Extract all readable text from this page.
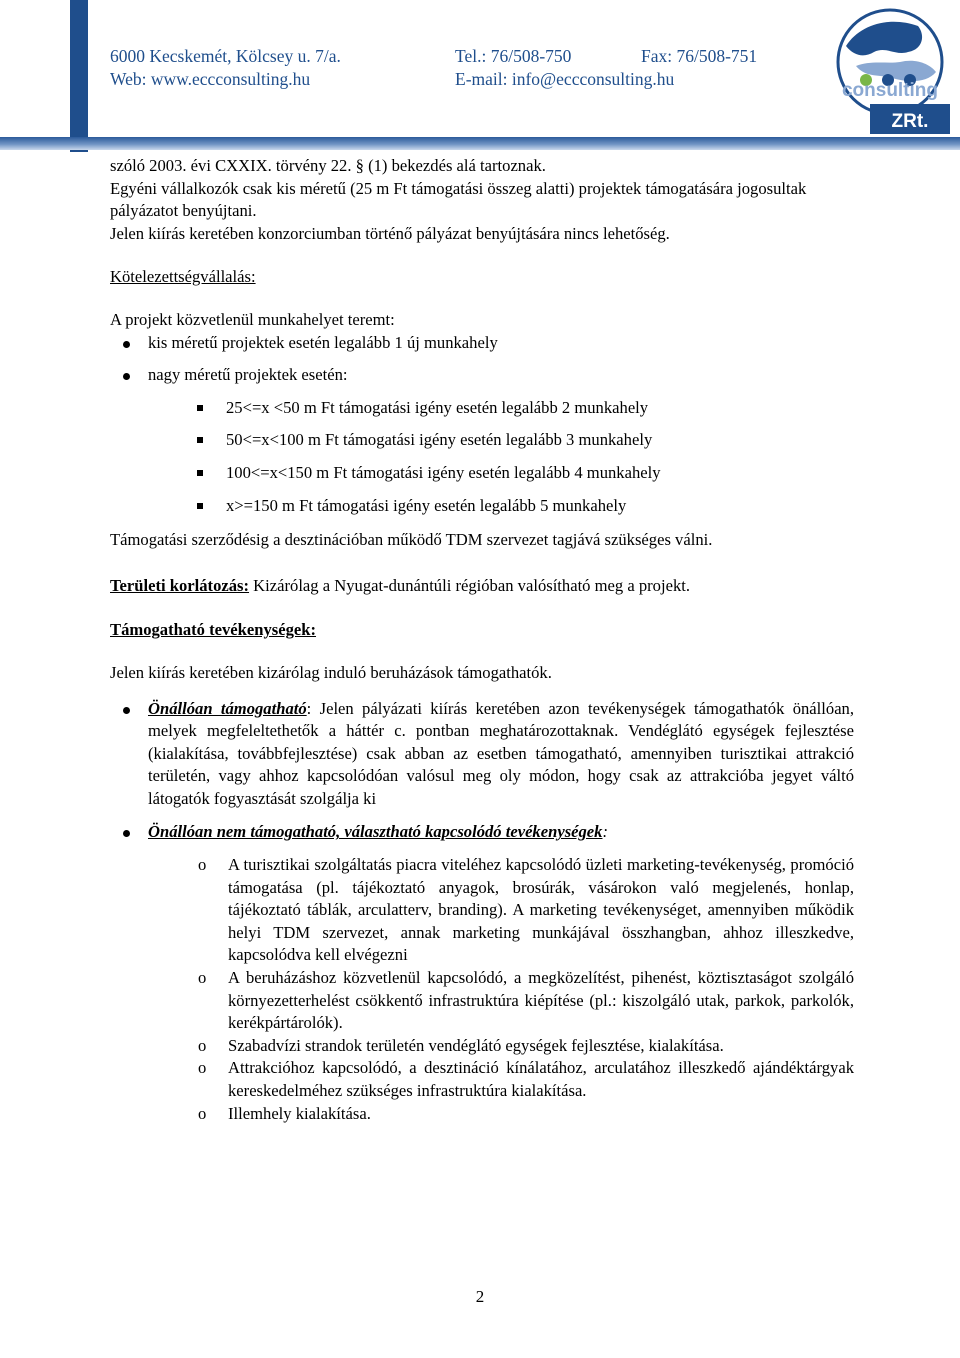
6000 Kecskemét, Kölcsey u. 7/a.	Tel.: 76/508-750	Fax: 76/508-751
Web: www.eccconsulting.hu	E-mail: info@eccconsulting.hu
consulting
ZRt.

szóló 2003. évi CXXIX. törvény 22. § (1) bekezdés alá tartoznak.

Egyéni vállalkozók csak kis méretű (25 m Ft támogatási összeg alatti) projektek támogatására jogosultak pályázatot benyújtani.

Jelen kiírás keretében konzorciumban történő pályázat benyújtására nincs lehetőség.

Kötelezettségvállalás:

A projekt közvetlenül munkahelyet teremt:

kis méretű projektek esetén legalább 1 új munkahely

nagy méretű projektek esetén:

25<=x <50 m Ft támogatási igény esetén legalább 2 munkahely

50<=x<100 m Ft támogatási igény esetén legalább 3 munkahely

100<=x<150 m Ft támogatási igény esetén legalább 4 munkahely

x>=150 m Ft támogatási igény esetén legalább 5 munkahely

Támogatási szerződésig a desztinációban működő TDM szervezet tagjává szükséges válni.

Területi korlátozás: Kizárólag a Nyugat-dunántúli régióban valósítható meg a projekt.

Támogatható tevékenységek:

Jelen kiírás keretében kizárólag induló beruházások támogathatók.

Önállóan támogatható: Jelen pályázati kiírás keretében azon tevékenységek támogathatók önállóan, melyek megfeleltethetők a háttér c. pontban meghatározottaknak. Vendéglátó egységek fejlesztése (kialakítása, továbbfejlesztése) csak abban az esetben támogatható, amennyiben turisztikai attrakció területén, vagy ahhoz kapcsolódóan valósul meg oly módon, hogy csak az attrakcióba jegyet váltó látogatók fogyasztását szolgálja ki

Önállóan nem támogatható, választható kapcsolódó tevékenységek:

o A turisztikai szolgáltatás piacra viteléhez kapcsolódó üzleti marketing-tevékenység, promóció támogatása (pl. tájékoztató anyagok, brosúrák, vásárokon való megjelenés, honlap, tájékoztató táblák, arculatterv, branding). A marketing tevékenységet, amennyiben működik helyi TDM szervezet, annak marketing munkájával összhangban, ahhoz illeszkedve, kapcsolódva kell elvégezni

o A beruházáshoz közvetlenül kapcsolódó, a megközelítést, pihenést, köztisztaságot szolgáló környezetterhelést csökkentő infrastruktúra kiépítése (pl.: kiszolgáló utak, parkok, parkolók, kerékpártárolók).

o Szabadvízi strandok területén vendéglátó egységek fejlesztése, kialakítása.

o Attrakcióhoz kapcsolódó, a desztináció kínálatához, arculatához illeszkedő ajándéktárgyak kereskedelméhez szükséges infrastruktúra kialakítása.

o Illemhely kialakítása.

2
